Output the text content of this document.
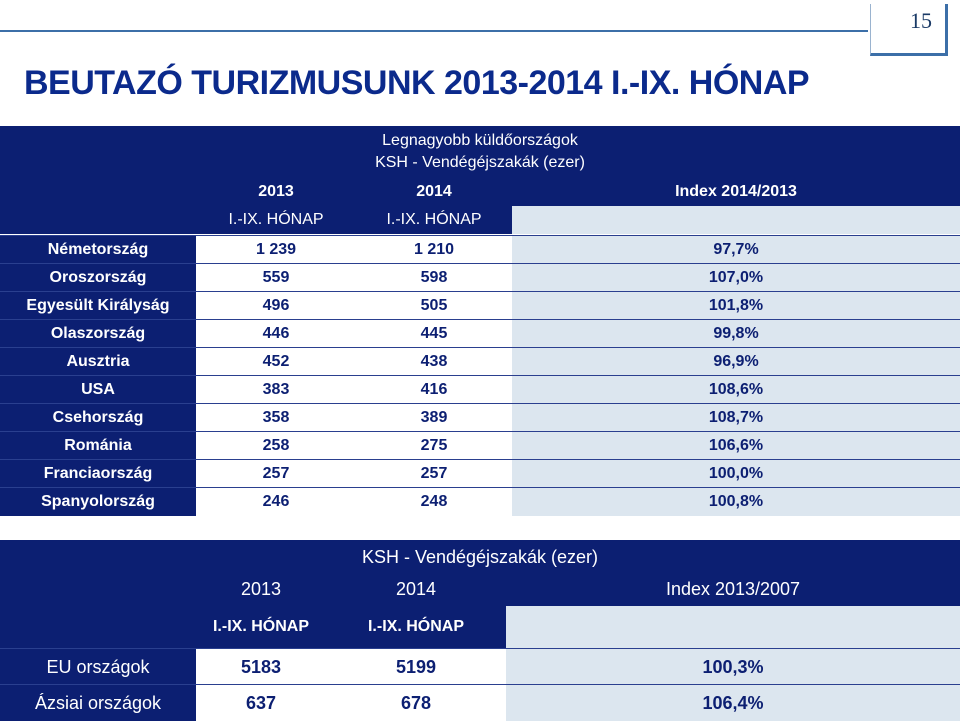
15
BEUTAZÓ TURIZMUSUNK 2013-2014 I.-IX. HÓNAP
Legnagyobb küldőországok
KSH - Vendégéjszakák (ezer)
2013	2014	Index 2014/2013
I.-IX. HÓNAP	I.-IX. HÓNAP
Németország	1 239	1 210	97,7%
Oroszország	559	598	107,0%
Egyesült Királyság	496	505	101,8%
Olaszország	446	445	99,8%
Ausztria	452	438	96,9%
USA	383	416	108,6%
Csehország	358	389	108,7%
Románia	258	275	106,6%
Franciaország	257	257	100,0%
Spanyolország	246	248	100,8%
KSH - Vendégéjszakák (ezer)
2013	2014	Index 2013/2007
I.-IX. HÓNAP	I.-IX. HÓNAP
EU országok	5183	5199	100,3%
Ázsiai országok	637	678	106,4%
